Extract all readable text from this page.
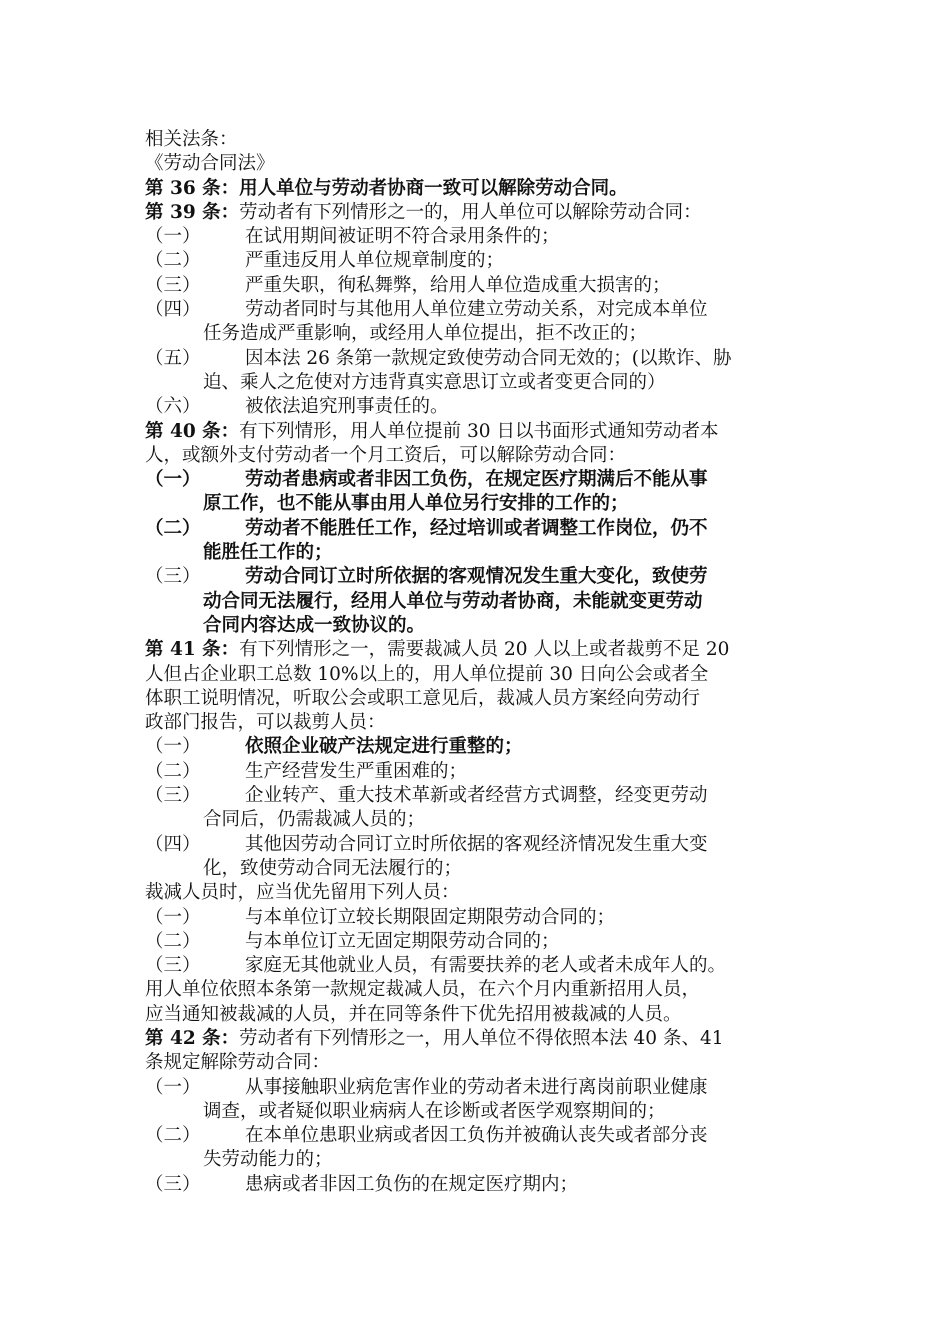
相关法条：
《劳动合同法》
第 36 条：用人单位与劳动者协商一致可以解除劳动合同。
第 39 条：劳动者有下列情形之一的，用人单位可以解除劳动合同：
（一） 在试用期间被证明不符合录用条件的；
（二） 严重违反用人单位规章制度的；
（三） 严重失职，徇私舞弊，给用人单位造成重大损害的；
（四） 劳动者同时与其他用人单位建立劳动关系，对完成本单位
任务造成严重影响，或经用人单位提出，拒不改正的；
（五） 因本法 26 条第一款规定致使劳动合同无效的；(以欺诈、胁
迫、乘人之危使对方违背真实意思订立或者变更合同的）
（六） 被依法追究刑事责任的。
第 40 条：有下列情形，用人单位提前 30 日以书面形式通知劳动者本
人，或额外支付劳动者一个月工资后，可以解除劳动合同：
（一） 劳动者患病或者非因工负伤，在规定医疗期满后不能从事
原工作，也不能从事由用人单位另行安排的工作的；
（二） 劳动者不能胜任工作，经过培训或者调整工作岗位，仍不
能胜任工作的；
（三） 劳动合同订立时所依据的客观情况发生重大变化，致使劳
动合同无法履行，经用人单位与劳动者协商，未能就变更劳动
合同内容达成一致协议的。
第 41 条：有下列情形之一，需要裁减人员 20 人以上或者裁剪不足 20
人但占企业职工总数 10%以上的，用人单位提前 30 日向公会或者全
体职工说明情况，听取公会或职工意见后，裁减人员方案经向劳动行
政部门报告，可以裁剪人员：
（一） 依照企业破产法规定进行重整的；
（二） 生产经营发生严重困难的；
（三） 企业转产、重大技术革新或者经营方式调整，经变更劳动
合同后，仍需裁减人员的；
（四） 其他因劳动合同订立时所依据的客观经济情况发生重大变
化，致使劳动合同无法履行的；
裁减人员时，应当优先留用下列人员：
（一） 与本单位订立较长期限固定期限劳动合同的；
（二） 与本单位订立无固定期限劳动合同的；
（三） 家庭无其他就业人员，有需要扶养的老人或者未成年人的。
用人单位依照本条第一款规定裁减人员，在六个月内重新招用人员，
应当通知被裁减的人员，并在同等条件下优先招用被裁减的人员。
第 42 条：劳动者有下列情形之一，用人单位不得依照本法 40 条、41
条规定解除劳动合同：
（一） 从事接触职业病危害作业的劳动者未进行离岗前职业健康
调查，或者疑似职业病病人在诊断或者医学观察期间的；
（二） 在本单位患职业病或者因工负伤并被确认丧失或者部分丧
失劳动能力的；
（三） 患病或者非因工负伤的在规定医疗期内；
